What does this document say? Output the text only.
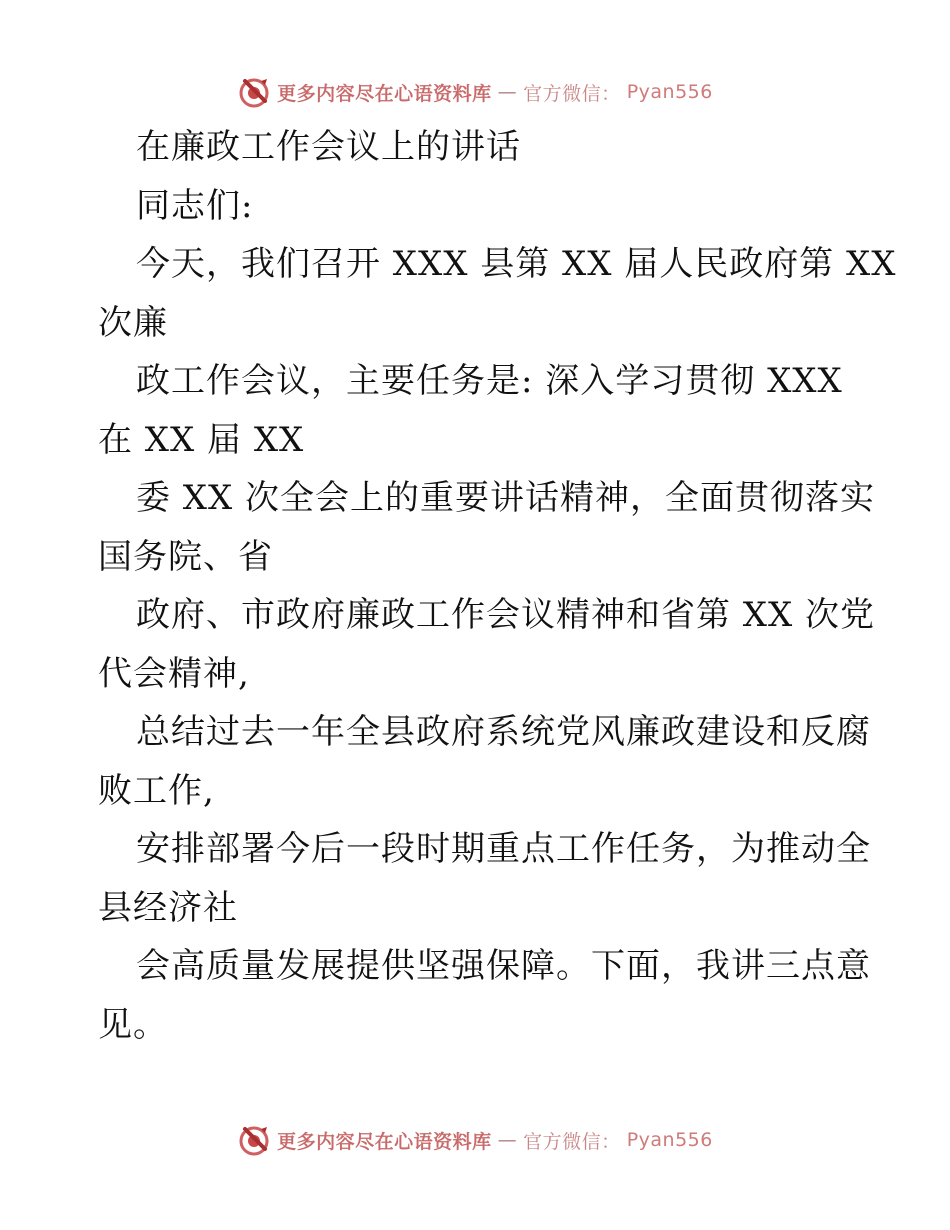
更多内容尽在心语资料库 — 官方微信： Pyan556
在廉政工作会议上的讲话
同志们:
今天，我们召开 XXX 县第 XX 届人民政府第 XX
次廉
政工作会议，主要任务是: 深入学习贯彻 XXX
在 XX 届 XX
委 XX 次全会上的重要讲话精神，全面贯彻落实
国务院、省
政府、市政府廉政工作会议精神和省第 XX 次党
代会精神,
总结过去一年全县政府系统党风廉政建设和反腐
败工作,
安排部署今后一段时期重点工作任务，为推动全
县经济社
会高质量发展提供坚强保障。下面，我讲三点意
见。
更多内容尽在心语资料库 — 官方微信： Pyan556
